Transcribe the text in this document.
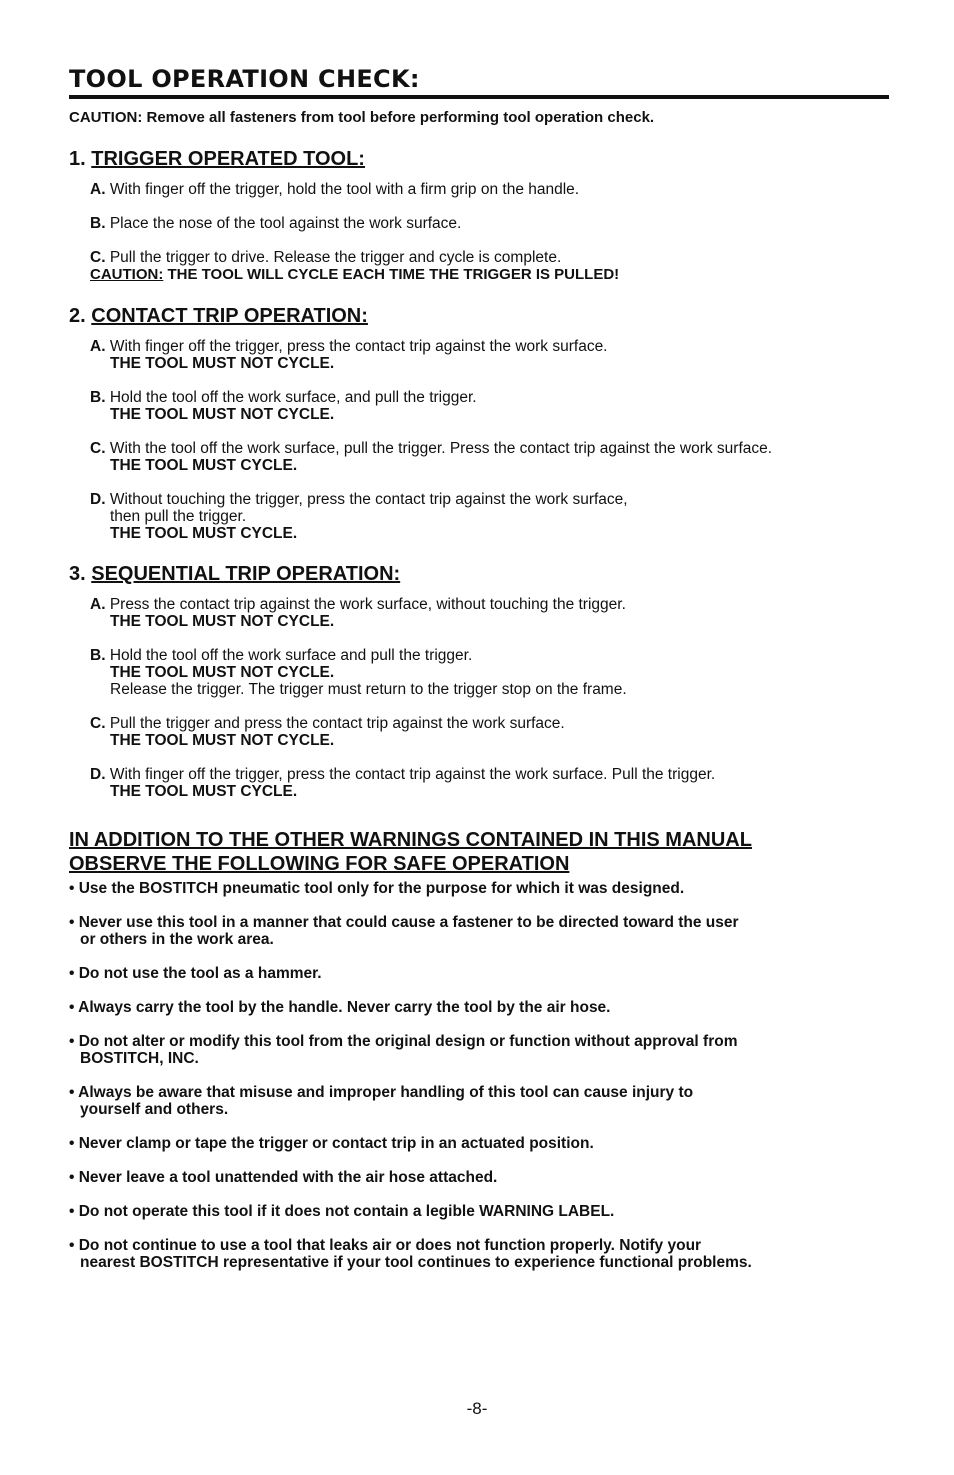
TOOL OPERATION CHECK:

CAUTION: Remove all fasteners from tool before performing tool operation check.

1. TRIGGER OPERATED TOOL:
A. With finger off the trigger, hold the tool with a firm grip on the handle.
B. Place the nose of the tool against the work surface.
C. Pull the trigger to drive. Release the trigger and cycle is complete.

CAUTION: THE TOOL WILL CYCLE EACH TIME THE TRIGGER IS PULLED!

2. CONTACT TRIP OPERATION:
A. With finger off the trigger, press the contact trip against the work surface.
THE TOOL MUST NOT CYCLE.
B. Hold the tool off the work surface, and pull the trigger.
THE TOOL MUST NOT CYCLE.
C. With the tool off the work surface, pull the trigger. Press the contact trip against the work surface.
THE TOOL MUST CYCLE.
D. Without touching the trigger, press the contact trip against the work surface,
then pull the trigger.
THE TOOL MUST CYCLE.
3. SEQUENTIAL TRIP OPERATION:
A. Press the contact trip against the work surface, without touching the trigger.
THE TOOL MUST NOT CYCLE.
B. Hold the tool off the work surface and pull the trigger.
THE TOOL MUST NOT CYCLE.
Release the trigger. The trigger must return to the trigger stop on the frame.
C. Pull the trigger and press the contact trip against the work surface.
THE TOOL MUST NOT CYCLE.
D. With finger off the trigger, press the contact trip against the work surface. Pull the trigger.
THE TOOL MUST CYCLE.
IN ADDITION TO THE OTHER WARNINGS CONTAINED IN THIS MANUAL
OBSERVE THE FOLLOWING FOR SAFE OPERATION
• Use the BOSTITCH pneumatic tool only for the purpose for which it was designed.
• Never use this tool in a manner that could cause a fastener to be directed toward the user
or others in the work area.
• Do not use the tool as a hammer.
• Always carry the tool by the handle. Never carry the tool by the air hose.
• Do not alter or modify this tool from the original design or function without approval from
BOSTITCH, INC.
• Always be aware that misuse and improper handling of this tool can cause injury to
yourself and others.
• Never clamp or tape the trigger or contact trip in an actuated position.
• Never leave a tool unattended with the air hose attached.
• Do not operate this tool if it does not contain a legible WARNING LABEL.
• Do not continue to use a tool that leaks air or does not function properly. Notify your
nearest BOSTITCH representative if your tool continues to experience functional problems.
-8-
